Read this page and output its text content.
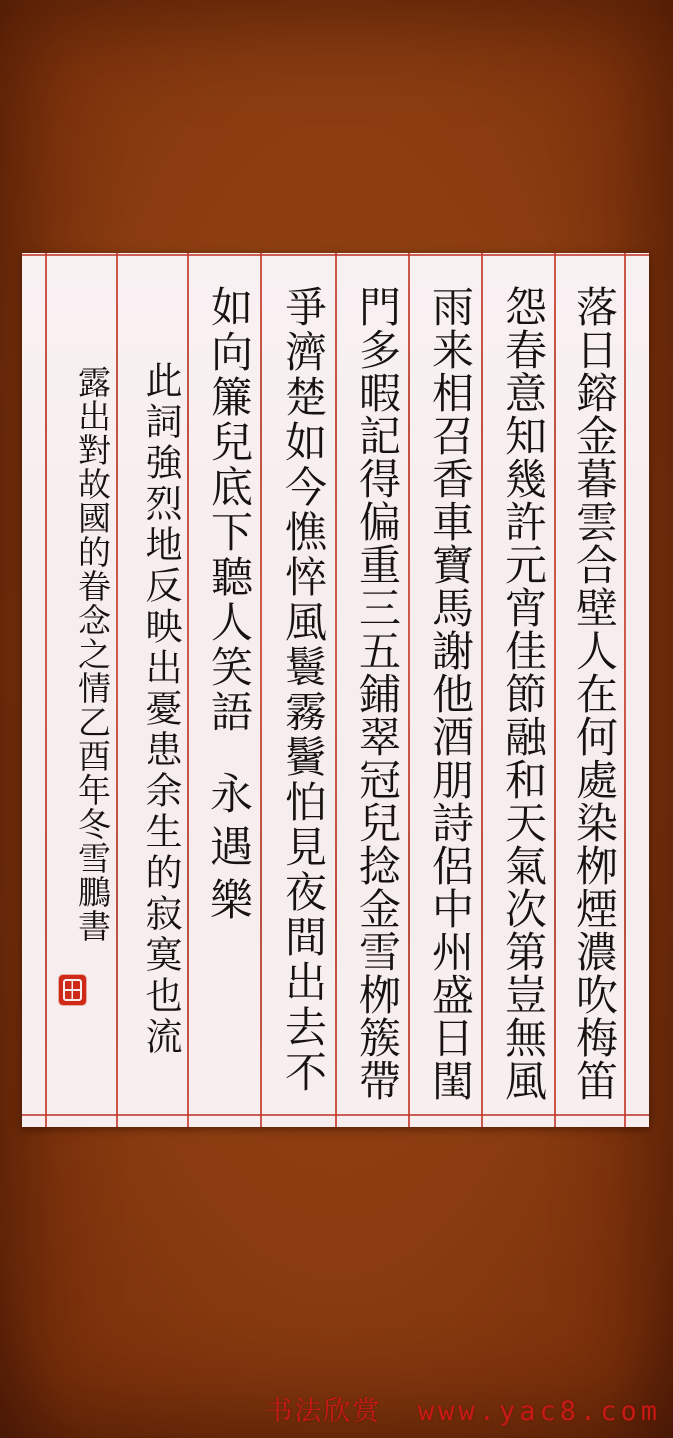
落日鎔金暮雲合壁人在何處染栁煙濃吹梅笛
怨春意知幾許元宵佳節融和天氣次第豈無風
雨来相召香車寶馬謝他酒朋詩侶中州盛日閨
門多暇記得偏重三五鋪翠冠兒捻金雪栁簇帶
爭濟楚如今憔悴風鬟霧鬢怕見夜間出去不
如向簾兒底下聽人笑語
永遇樂
此詞強烈地反映出憂患余生的寂寞也流
露出對故國的眷念之情乙酉年冬雪鵬書
书法欣赏 www.yac8.com
